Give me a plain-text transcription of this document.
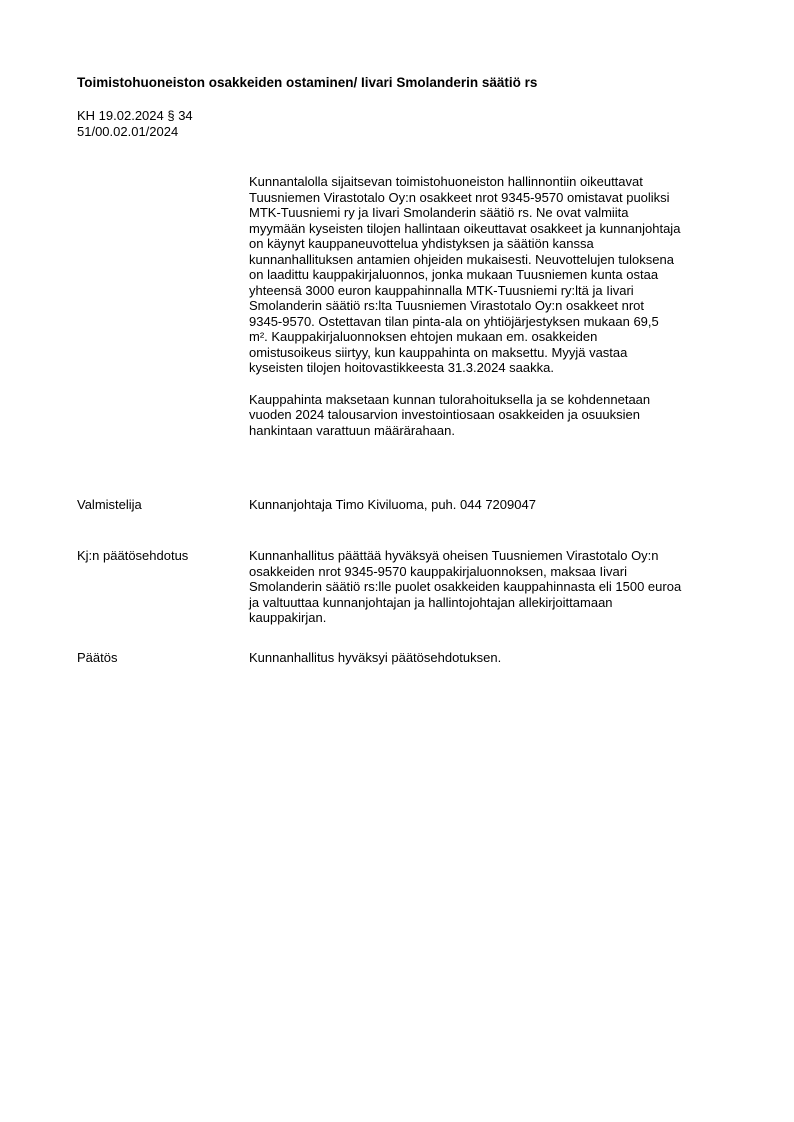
Toimistohuoneiston osakkeiden ostaminen/ Iivari Smolanderin säätiö rs
KH 19.02.2024 § 34
51/00.02.01/2024

Kunnantalolla sijaitsevan toimistohuoneiston hallinnontiin oikeuttavat
Tuusniemen Virastotalo Oy:n osakkeet nrot 9345-9570 omistavat puoliksi
MTK-Tuusniemi ry ja Iivari Smolanderin säätiö rs. Ne ovat valmiita
myymään kyseisten tilojen hallintaan oikeuttavat osakkeet ja kunnanjohtaja
on käynyt kauppaneuvottelua yhdistyksen ja säätiön kanssa
kunnanhallituksen antamien ohjeiden mukaisesti. Neuvottelujen tuloksena
on laadittu kauppakirjaluonnos, jonka mukaan Tuusniemen kunta ostaa
yhteensä 3000 euron kauppahinnalla MTK-Tuusniemi ry:ltä ja Iivari
Smolanderin säätiö rs:lta Tuusniemen Virastotalo Oy:n osakkeet nrot
9345-9570. Ostettavan tilan pinta-ala on yhtiöjärjestyksen mukaan 69,5
m². Kauppakirjaluonnoksen ehtojen mukaan em. osakkeiden
omistusoikeus siirtyy, kun kauppahinta on maksettu. Myyjä vastaa
kyseisten tilojen hoitovastikkeesta 31.3.2024 saakka.

Kauppahinta maksetaan kunnan tulorahoituksella ja se kohdennetaan
vuoden 2024 talousarvion investointiosaan osakkeiden ja osuuksien
hankintaan varattuun määrärahaan.

Valmistelija	Kunnanjohtaja Timo Kiviluoma, puh. 044 7209047
Kj:n päätösehdotus	Kunnanhallitus päättää hyväksyä oheisen Tuusniemen Virastotalo Oy:n
osakkeiden nrot 9345-9570 kauppakirjaluonnoksen, maksaa Iivari
Smolanderin säätiö rs:lle puolet osakkeiden kauppahinnasta eli 1500 euroa
ja valtuuttaa kunnanjohtajan ja hallintojohtajan allekirjoittamaan
kauppakirjan.
Päätös	Kunnanhallitus hyväksyi päätösehdotuksen.
